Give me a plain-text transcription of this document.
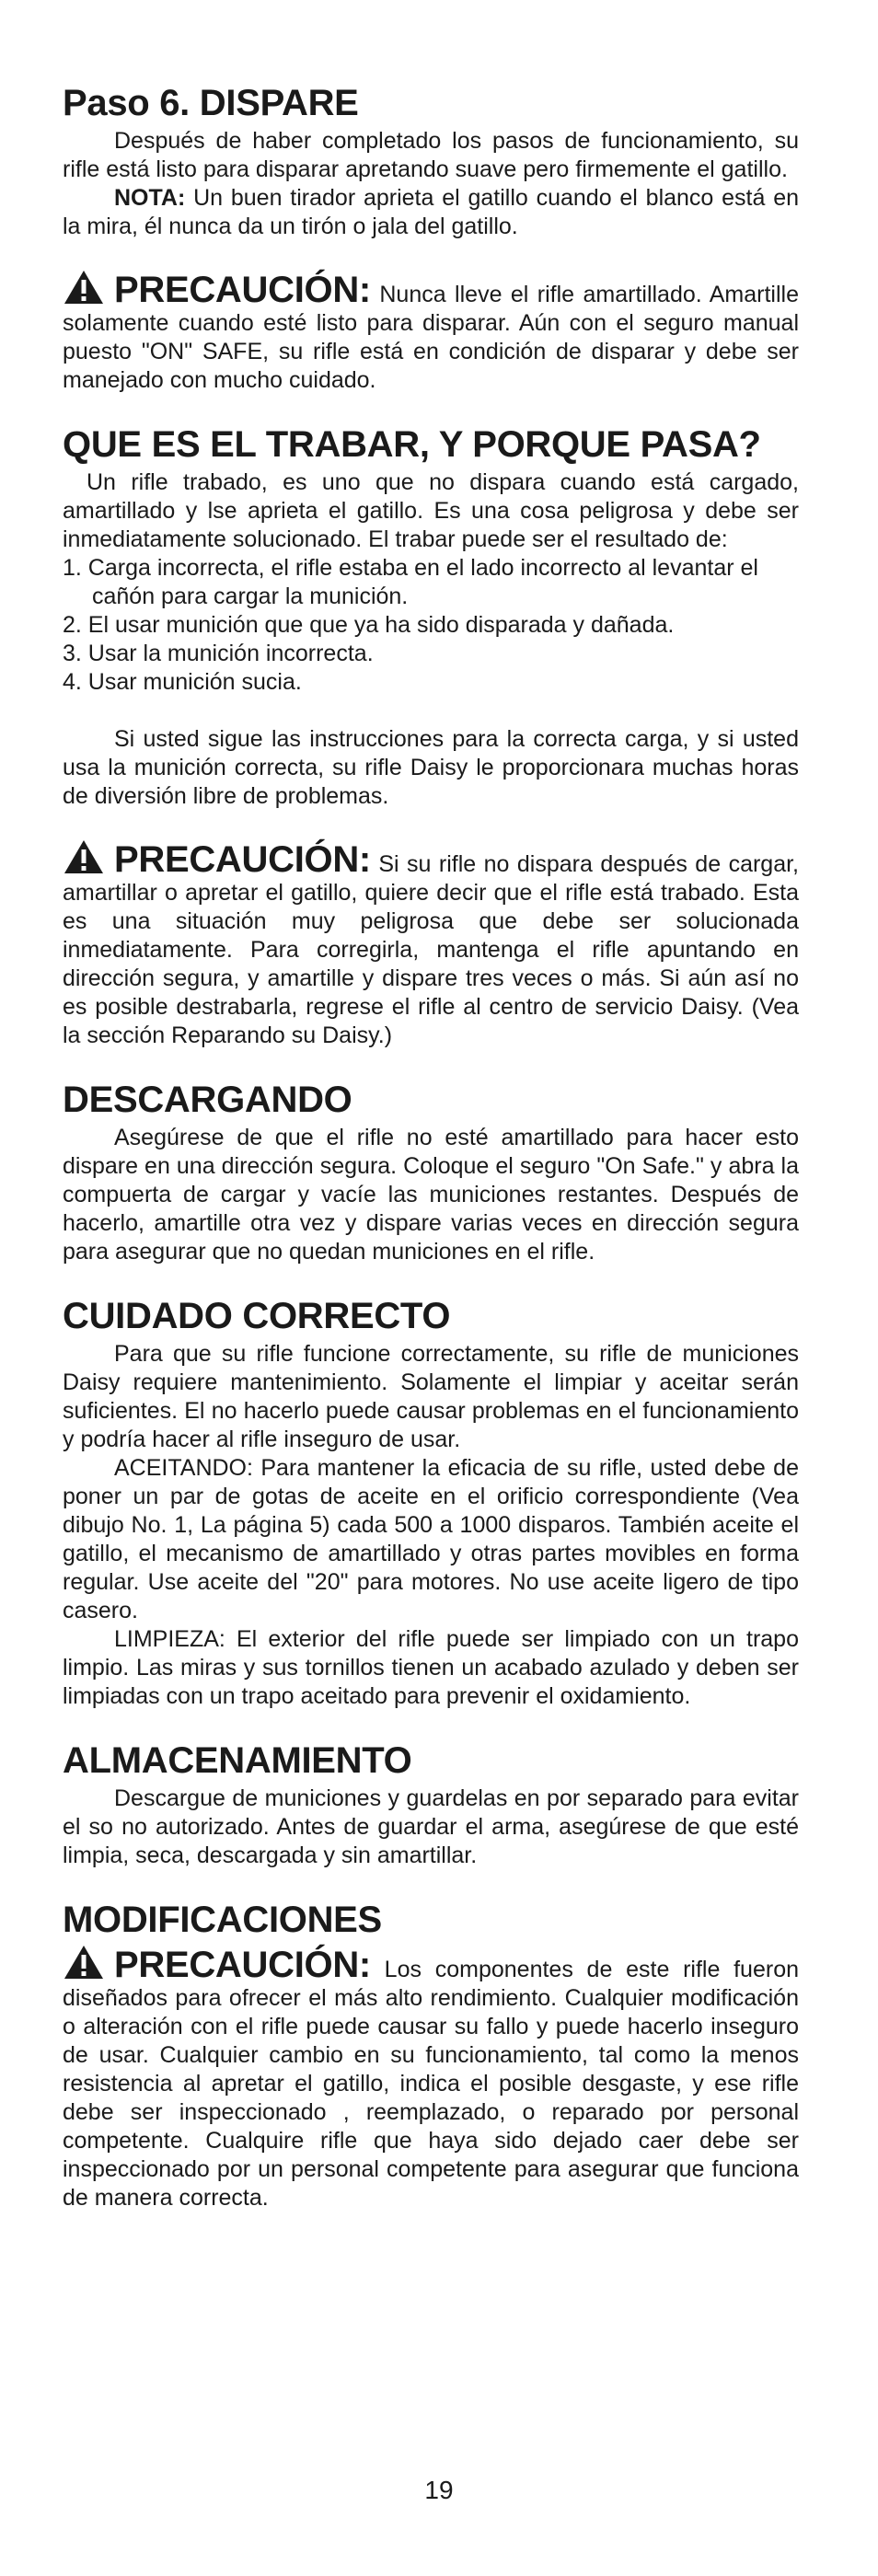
Paso 6. DISPARE

Después de haber completado los pasos de funcionamiento, su rifle está listo para disparar apretando suave pero firmemente el gatillo.

NOTA: Un buen tirador aprieta el gatillo cuando el blanco está en la mira, él nunca da un tirón o jala del gatillo.

PRECAUCIÓN: Nunca lleve el rifle amartillado. Amartille solamente cuando esté listo para disparar. Aún con el seguro manual puesto "ON" SAFE, su rifle está en condición de disparar y debe ser manejado con mucho cuidado.

QUE ES EL TRABAR, Y PORQUE PASA?

Un rifle trabado, es uno que no dispara cuando está cargado, amartillado y lse aprieta el gatillo. Es una cosa peligrosa y debe ser inmediatamente solucionado. El trabar puede ser el resultado de:

1. Carga incorrecta, el rifle estaba en el lado incorrecto al levantar el cañón para cargar la munición.
2. El usar munición que que ya ha sido disparada y dañada.
3. Usar la munición incorrecta.
4. Usar munición sucia.

Si usted sigue las instrucciones para la correcta carga, y si usted usa la munición correcta, su rifle Daisy le proporcionara muchas horas de diversión libre de problemas.

PRECAUCIÓN: Si su rifle no dispara después de cargar, amartillar o apretar el gatillo, quiere decir que el rifle está trabado. Esta es una situación muy peligrosa que debe ser solucionada inmediatamente. Para corregirla, mantenga el rifle apuntando en dirección segura, y amartille y dispare tres veces o más. Si aún así no es posible destrabarla, regrese el rifle al centro de servicio Daisy. (Vea la sección Reparando su Daisy.)

DESCARGANDO

Asegúrese de que el rifle no esté amartillado para hacer esto dispare en una dirección segura. Coloque el seguro "On Safe." y abra la compuerta de cargar y vacíe las municiones restantes. Después de hacerlo, amartille otra vez y dispare varias veces en dirección segura para asegurar que no quedan municiones en el rifle.

CUIDADO CORRECTO

Para que su rifle funcione correctamente, su rifle de municiones Daisy requiere mantenimiento. Solamente el limpiar y aceitar serán suficientes. El no hacerlo puede causar problemas en el funcionamiento y podría hacer al rifle inseguro de usar.

ACEITANDO: Para mantener la eficacia de su rifle, usted debe de poner un par de gotas de aceite en el orificio correspondiente (Vea dibujo No. 1, La página 5) cada 500 a 1000 disparos. También aceite el gatillo, el mecanismo de amartillado y otras partes movibles en forma regular. Use aceite del "20" para motores. No use aceite ligero de tipo casero.

LIMPIEZA: El exterior del rifle puede ser limpiado con un trapo limpio. Las miras y sus tornillos tienen un acabado azulado y deben ser limpiadas con un trapo aceitado para prevenir el oxidamiento.

ALMACENAMIENTO

Descargue de municiones y guardelas en por separado para evitar el so no autorizado. Antes de guardar el arma, asegúrese de que esté limpia, seca, descargada y sin amartillar.

MODIFICACIONES

PRECAUCIÓN: Los componentes de este rifle fueron diseñados para ofrecer el más alto rendimiento. Cualquier modificación o alteración con el rifle puede causar su fallo y puede hacerlo inseguro de usar. Cualquier cambio en su funcionamiento, tal como la menos resistencia al apretar el gatillo, indica el posible desgaste, y ese rifle debe ser inspeccionado , reemplazado, o reparado por personal competente. Cualquire rifle que haya sido dejado caer debe ser inspeccionado por un personal competente para asegurar que funciona de manera correcta.

19
